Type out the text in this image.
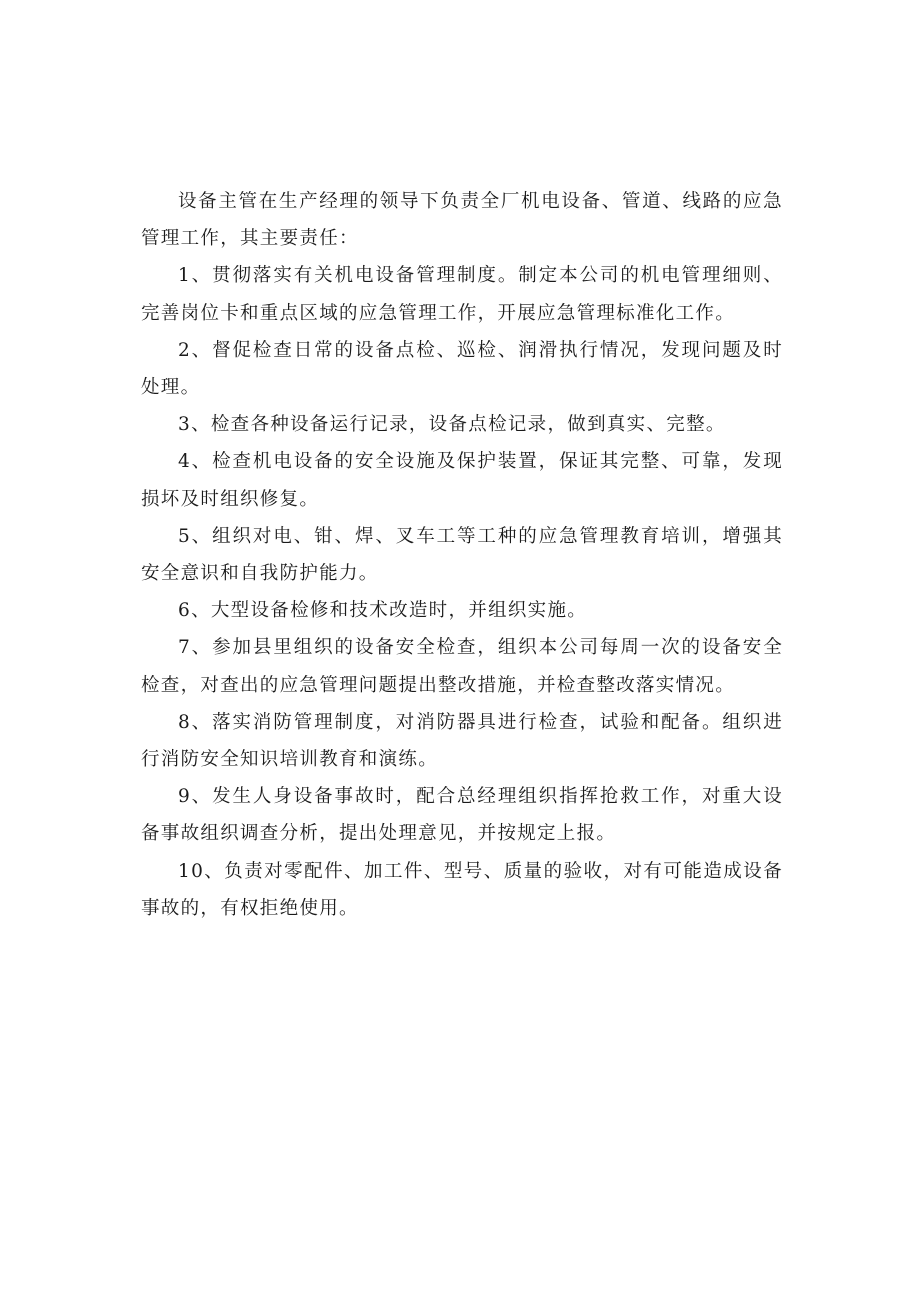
设备主管在生产经理的领导下负责全厂机电设备、管道、线路的应急管理工作，其主要责任：

1、贯彻落实有关机电设备管理制度。制定本公司的机电管理细则、完善岗位卡和重点区域的应急管理工作，开展应急管理标准化工作。

2、督促检查日常的设备点检、巡检、润滑执行情况，发现问题及时处理。

3、检查各种设备运行记录，设备点检记录，做到真实、完整。

4、检查机电设备的安全设施及保护装置，保证其完整、可靠，发现损坏及时组织修复。

5、组织对电、钳、焊、叉车工等工种的应急管理教育培训，增强其安全意识和自我防护能力。

6、大型设备检修和技术改造时，并组织实施。

7、参加县里组织的设备安全检查，组织本公司每周一次的设备安全检查，对查出的应急管理问题提出整改措施，并检查整改落实情况。

8、落实消防管理制度，对消防器具进行检查，试验和配备。组织进行消防安全知识培训教育和演练。

9、发生人身设备事故时，配合总经理组织指挥抢救工作，对重大设备事故组织调查分析，提出处理意见，并按规定上报。

10、负责对零配件、加工件、型号、质量的验收，对有可能造成设备事故的，有权拒绝使用。
